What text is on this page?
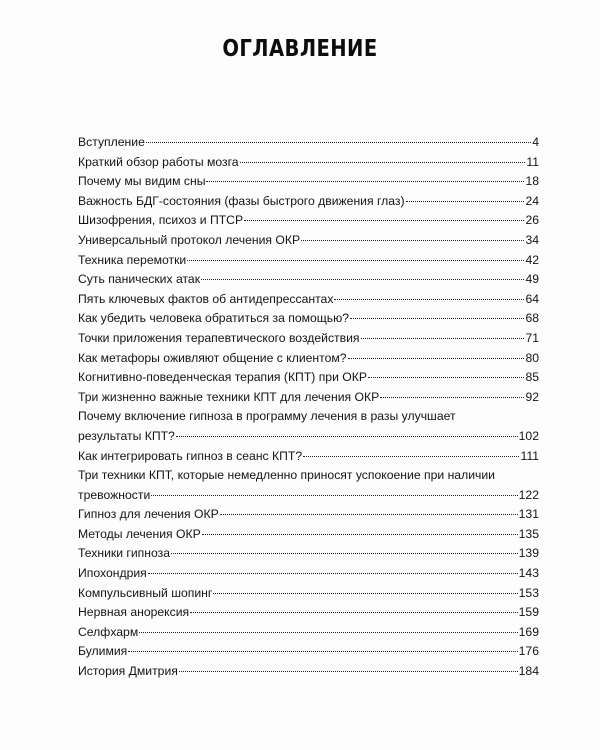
ОГЛАВЛЕНИЕ
Вступление	4
Краткий обзор работы мозга	11
Почему мы видим сны	18
Важность БДГ-состояния (фазы быстрого движения глаз)	24
Шизофрения, психоз и ПТСР	26
Универсальный протокол лечения ОКР	34
Техника перемотки	42
Суть панических атак	49
Пять ключевых фактов об антидепрессантах	64
Как убедить человека обратиться за помощью?	68
Точки приложения терапевтического воздействия	71
Как метафоры оживляют общение с клиентом?	80
Когнитивно-поведенческая терапия (КПТ) при ОКР	85
Три жизненно важные техники КПТ для лечения ОКР	92
Почему включение гипноза в программу лечения в разы улучшает
результаты КПТ?	102
Как интегрировать гипноз в сеанс КПТ?	111
Три техники КПТ, которые немедленно приносят успокоение при наличии
тревожности	122
Гипноз для лечения ОКР	131
Методы лечения ОКР	135
Техники гипноза	139
Ипохондрия	143
Компульсивный шопинг	153
Нервная анорексия	159
Селфхарм	169
Булимия	176
История Дмитрия	184
